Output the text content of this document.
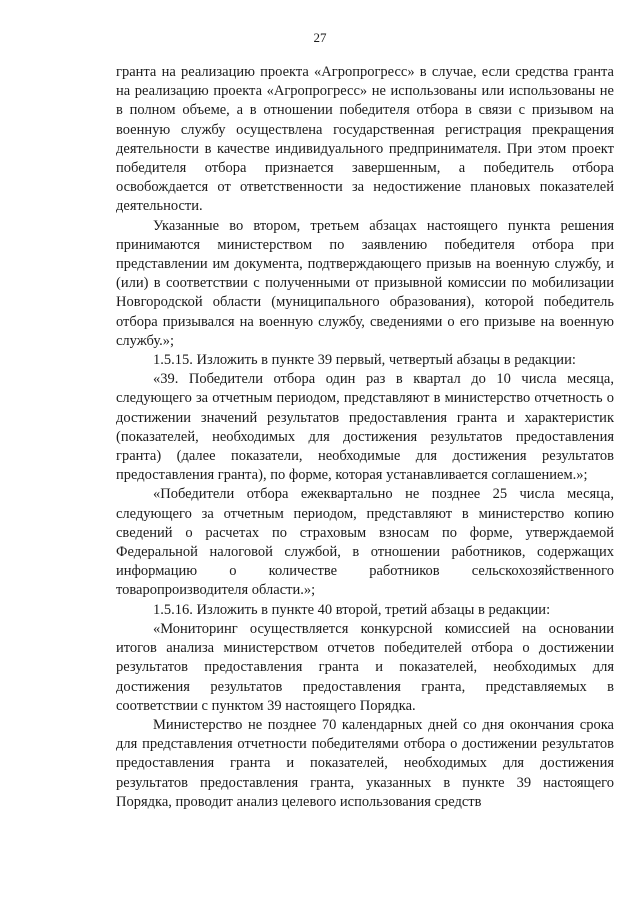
27

гранта на реализацию проекта «Агропрогресс» в случае, если средства гранта на реализацию проекта «Агропрогресс» не использованы или использованы не в полном объеме, а в отношении победителя отбора в связи с призывом на военную службу осуществлена государственная регистрация прекращения деятельности в качестве индивидуального предпринимателя. При этом проект победителя отбора признается завершенным, а победитель отбора освобождается от ответственности за недостижение плановых показателей деятельности.

Указанные во втором, третьем абзацах настоящего пункта решения принимаются министерством по заявлению победителя отбора при представлении им документа, подтверждающего призыв на военную службу, и (или) в соответствии с полученными от призывной комиссии по мобилизации Новгородской области (муниципального образования), которой победитель отбора призывался на военную службу, сведениями о его призыве на военную службу.»;

1.5.15. Изложить в пункте 39 первый, четвертый абзацы в редакции:

«39. Победители отбора один раз в квартал до 10 числа месяца, следующего за отчетным периодом, представляют в министерство отчетность о достижении значений результатов предоставления гранта и характеристик (показателей, необходимых для достижения результатов предоставления гранта) (далее показатели, необходимые для достижения результатов предоставления гранта), по форме, которая устанавливается соглашением.»;

«Победители отбора ежеквартально не позднее 25 числа месяца, следующего за отчетным периодом, представляют в министерство копию сведений о расчетах по страховым взносам по форме, утверждаемой Федеральной налоговой службой, в отношении работников, содержащих информацию о количестве работников сельскохозяйственного товаропроизводителя области.»;

1.5.16. Изложить в пункте 40 второй, третий абзацы в редакции:

«Мониторинг осуществляется конкурсной комиссией на основании итогов анализа министерством отчетов победителей отбора о достижении результатов предоставления гранта и показателей, необходимых для достижения результатов предоставления гранта, представляемых в соответствии с пунктом 39 настоящего Порядка.

Министерство не позднее 70 календарных дней со дня окончания срока для представления отчетности победителями отбора о достижении результатов предоставления гранта и показателей, необходимых для достижения результатов предоставления гранта, указанных в пункте 39 настоящего Порядка, проводит анализ целевого использования средств
